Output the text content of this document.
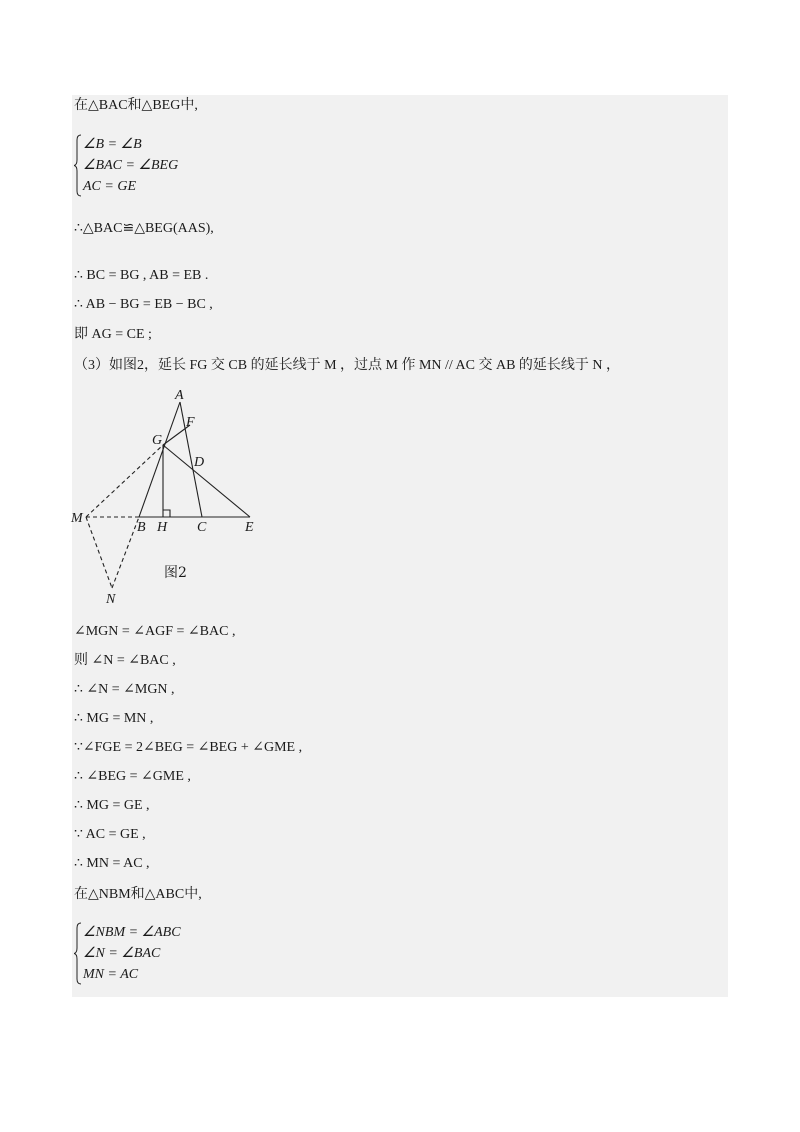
在△BAC和△BEG中,
∠B = ∠B
∠BAC = ∠BEG
AC = GE
∴△BAC≌△BEG(AAS),
∴ BC = BG , AB = EB .
∴ AB − BG = EB − BC ,
即 AG = CE ;
（3）如图2，延长 FG 交 CB 的延长线于 M ，过点 M 作 MN // AC 交 AB 的延长线于 N ，
A
F
G
D
M
B H C	E
N
图2
∠MGN = ∠AGF = ∠BAC ,
则 ∠N = ∠BAC ,
∴ ∠N = ∠MGN ,
∴ MG = MN ,
∵∠FGE = 2∠BEG = ∠BEG + ∠GME ,
∴ ∠BEG = ∠GME ,
∴ MG = GE ,
∵ AC = GE ,
∴ MN = AC ,
在△NBM和△ABC中,
∠NBM = ∠ABC
∠N = ∠BAC
MN = AC
